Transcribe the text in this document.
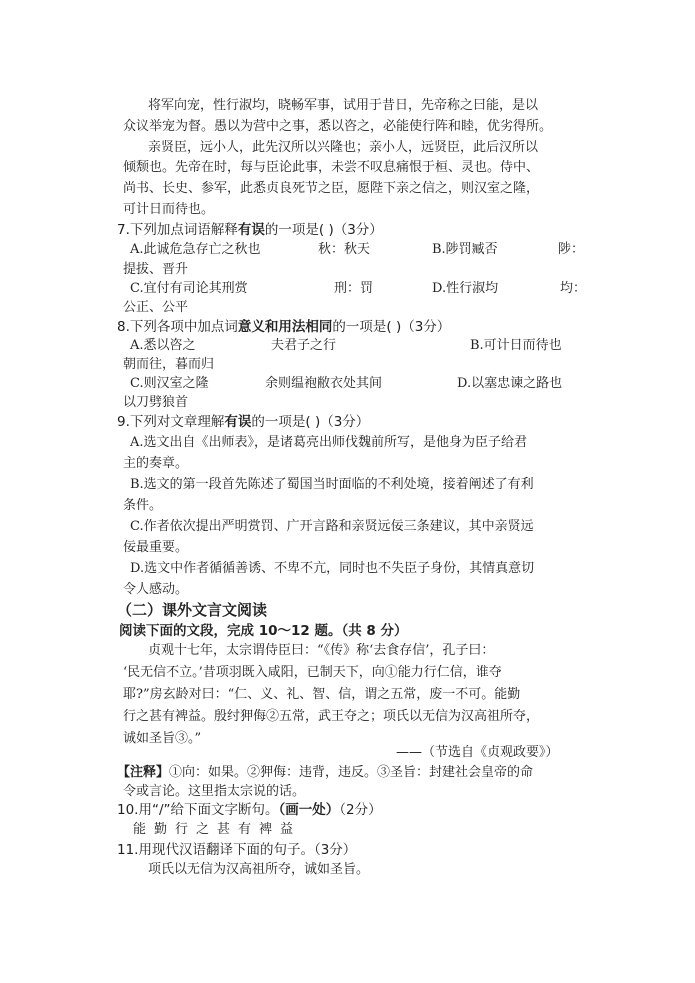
将军向宠，性行淑均，晓畅军事，试用于昔日，先帝称之曰能，是以
众议举宠为督。愚以为营中之事，悉以咨之，必能使行阵和睦，优劣得所。
亲贤臣，远小人，此先汉所以兴隆也；亲小人，远贤臣，此后汉所以
倾颓也。先帝在时，每与臣论此事，未尝不叹息痛恨于桓、灵也。侍中、
尚书、长史、参军，此悉贞良死节之臣，愿陛下亲之信之，则汉室之隆，
可计日而待也。
7.下列加点词语解释有误的一项是( )（3分）
A.此诚危急存亡之秋也	秋：秋天	B.陟罚臧否	陟：
提拔、晋升
C.宜付有司论其刑赏	刑：罚	D.性行淑均	均：
公正、公平
8.下列各项中加点词意义和用法相同的一项是( )（3分）
A.悉以咨之	夫君子之行	B.可计日而待也
朝而往，暮而归
C.则汉室之隆	余则缊袍敝衣处其间	D.以塞忠谏之路也
以刀劈狼首
9.下列对文章理解有误的一项是( )（3分）
A.选文出自《出师表》，是诸葛亮出师伐魏前所写，是他身为臣子给君
主的奏章。
B.选文的第一段首先陈述了蜀国当时面临的不利处境，接着阐述了有利
条件。
C.作者依次提出严明赏罚、广开言路和亲贤远佞三条建议，其中亲贤远
佞最重要。
D.选文中作者循循善诱、不卑不亢，同时也不失臣子身份，其情真意切
令人感动。
（二）课外文言文阅读
阅读下面的文段，完成 10～12 题。（共 8 分）
贞观十七年，太宗谓侍臣曰：“《传》称‘去食存信’，孔子曰：
‘民无信不立。’昔项羽既入咸阳，已制天下，向①能力行仁信，谁夺
耶?”房玄龄对曰：“仁、义、礼、智、信，谓之五常，废一不可。能勤
行之甚有裨益。殷纣狎侮②五常，武王夺之；项氏以无信为汉高祖所夺，
诚如圣旨③。”
——（节选自《贞观政要》）
【注释】①向：如果。②狎侮：违背，违反。③圣旨：封建社会皇帝的命
令或言论。这里指太宗说的话。
10.用“/”给下面文字断句。（画一处）（2分）
能勤行之甚有裨益
11.用现代汉语翻译下面的句子。（3分）
项氏以无信为汉高祖所夺，诚如圣旨。
